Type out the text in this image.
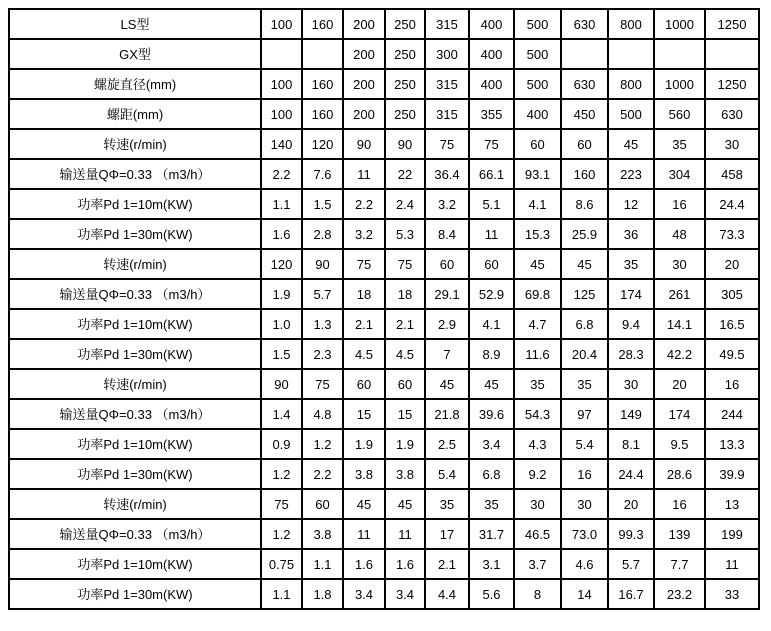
LS型	100	160	200	250	315	400	500	630	800	1000	1250
GX型			200	250	300	400	500				
螺旋直径(mm)	100	160	200	250	315	400	500	630	800	1000	1250
螺距(mm)	100	160	200	250	315	355	400	450	500	560	630
转速(r/min)	140	120	90	90	75	75	60	60	45	35	30
输送量QΦ=0.33 （m3/h）	2.2	7.6	11	22	36.4	66.1	93.1	160	223	304	458
功率Pd 1=10m(KW)	1.1	1.5	2.2	2.4	3.2	5.1	4.1	8.6	12	16	24.4
功率Pd 1=30m(KW)	1.6	2.8	3.2	5.3	8.4	11	15.3	25.9	36	48	73.3
转速(r/min)	120	90	75	75	60	60	45	45	35	30	20
输送量QΦ=0.33 （m3/h）	1.9	5.7	18	18	29.1	52.9	69.8	125	174	261	305
功率Pd 1=10m(KW)	1.0	1.3	2.1	2.1	2.9	4.1	4.7	6.8	9.4	14.1	16.5
功率Pd 1=30m(KW)	1.5	2.3	4.5	4.5	7	8.9	11.6	20.4	28.3	42.2	49.5
转速(r/min)	90	75	60	60	45	45	35	35	30	20	16
输送量QΦ=0.33 （m3/h）	1.4	4.8	15	15	21.8	39.6	54.3	97	149	174	244
功率Pd 1=10m(KW)	0.9	1.2	1.9	1.9	2.5	3.4	4.3	5.4	8.1	9.5	13.3
功率Pd 1=30m(KW)	1.2	2.2	3.8	3.8	5.4	6.8	9.2	16	24.4	28.6	39.9
转速(r/min)	75	60	45	45	35	35	30	30	20	16	13
输送量QΦ=0.33 （m3/h）	1.2	3.8	11	11	17	31.7	46.5	73.0	99.3	139	199
功率Pd 1=10m(KW)	0.75	1.1	1.6	1.6	2.1	3.1	3.7	4.6	5.7	7.7	11
功率Pd 1=30m(KW)	1.1	1.8	3.4	3.4	4.4	5.6	8	14	16.7	23.2	33
